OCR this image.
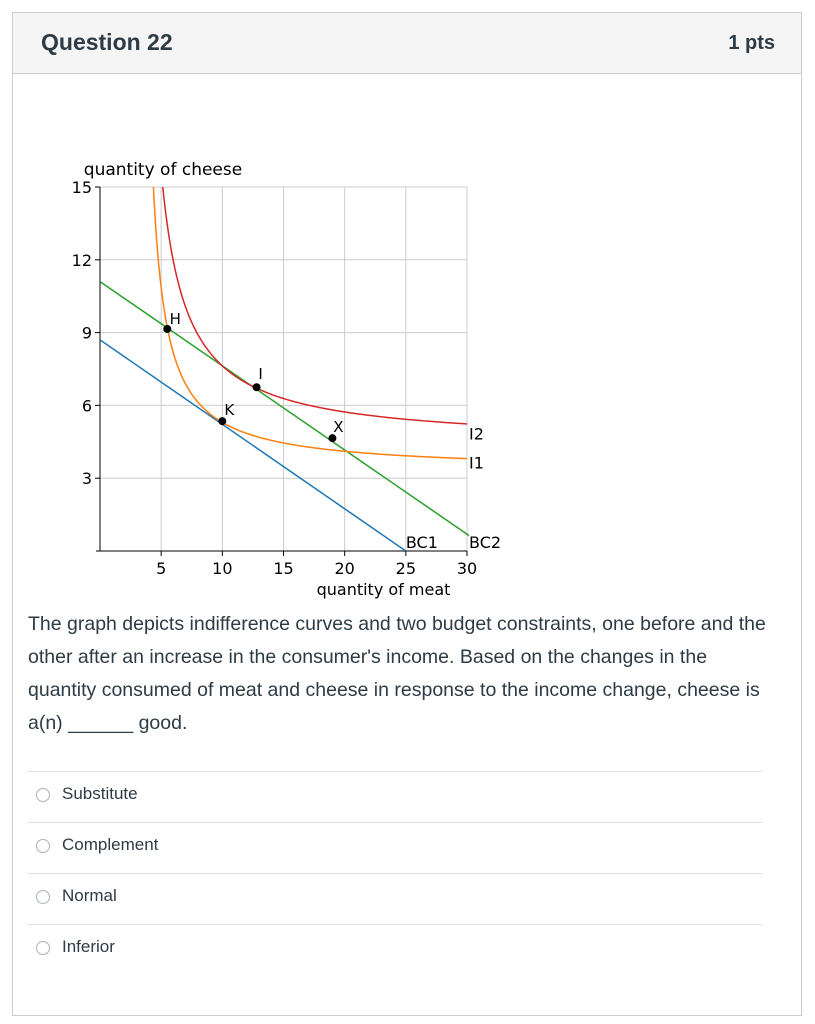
Question 22	1 pts
5	10	15	20	25	30
3
6
9
12
15
quantity of meat
quantity of cheese
H
I
K
X	I2
I1
BC1 BC2
The graph depicts indifference curves and two budget constraints, one before and the other after an increase in the consumer's income. Based on the changes in the quantity consumed of meat and cheese in response to the income change, cheese is a(n) ______ good.
Substitute
Complement
Normal
Inferior
